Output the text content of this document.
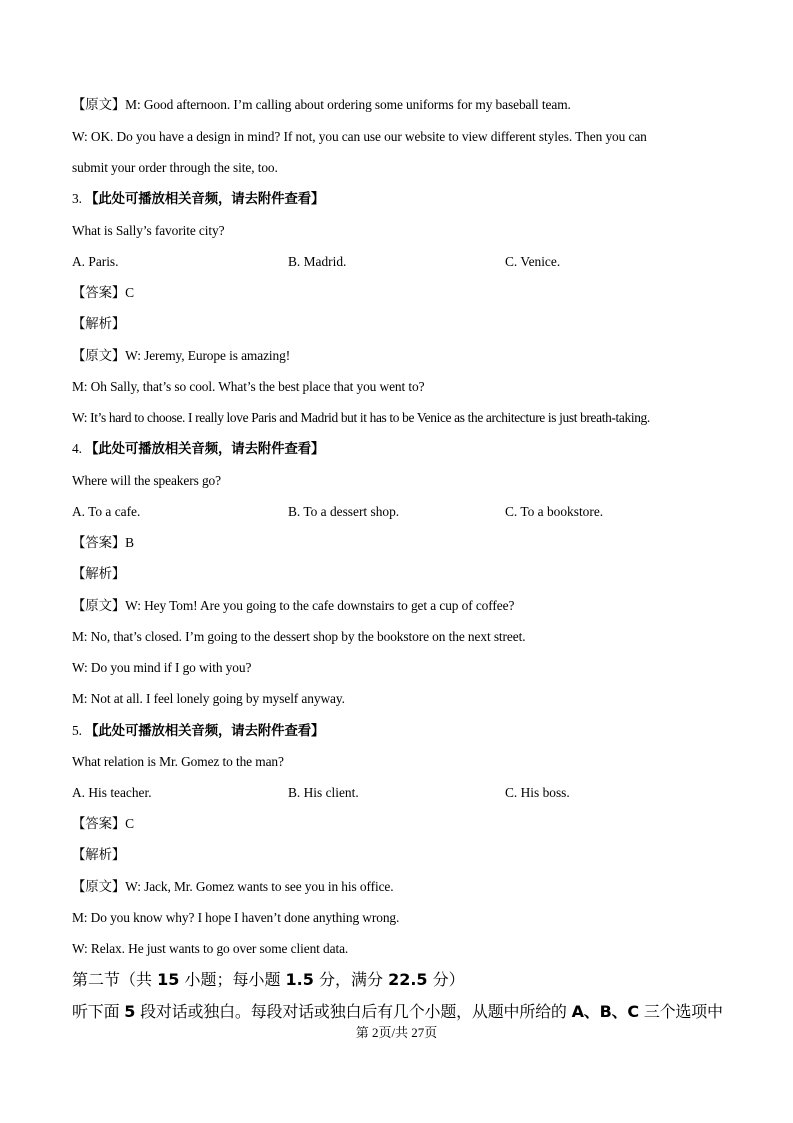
【原文】M: Good afternoon. I’m calling about ordering some uniforms for my baseball team.
W: OK. Do you have a design in mind? If not, you can use our website to view different styles. Then you can
submit your order through the site, too.
3. 【此处可播放相关音频，请去附件查看】
What is Sally’s favorite city?
A. Paris.	B. Madrid.	C. Venice.
【答案】C
【解析】
【原文】W: Jeremy, Europe is amazing!
M: Oh Sally, that’s so cool. What’s the best place that you went to?
W: It’s hard to choose. I really love Paris and Madrid but it has to be Venice as the architecture is just breath-taking.
4. 【此处可播放相关音频，请去附件查看】
Where will the speakers go?
A. To a cafe.	B. To a dessert shop.	C. To a bookstore.
【答案】B
【解析】
【原文】W: Hey Tom! Are you going to the cafe downstairs to get a cup of coffee?
M: No, that’s closed. I’m going to the dessert shop by the bookstore on the next street.
W: Do you mind if I go with you?
M: Not at all. I feel lonely going by myself anyway.
5. 【此处可播放相关音频，请去附件查看】
What relation is Mr. Gomez to the man?
A. His teacher.	B. His client.	C. His boss.
【答案】C
【解析】
【原文】W: Jack, Mr. Gomez wants to see you in his office.
M: Do you know why? I hope I haven’t done anything wrong.
W: Relax. He just wants to go over some client data.
第二节（共 15 小题；每小题 1.5 分，满分 22.5 分）
听下面 5 段对话或独白。每段对话或独白后有几个小题，从题中所给的 A、B、C 三个选项中
第 2页/共 27页
